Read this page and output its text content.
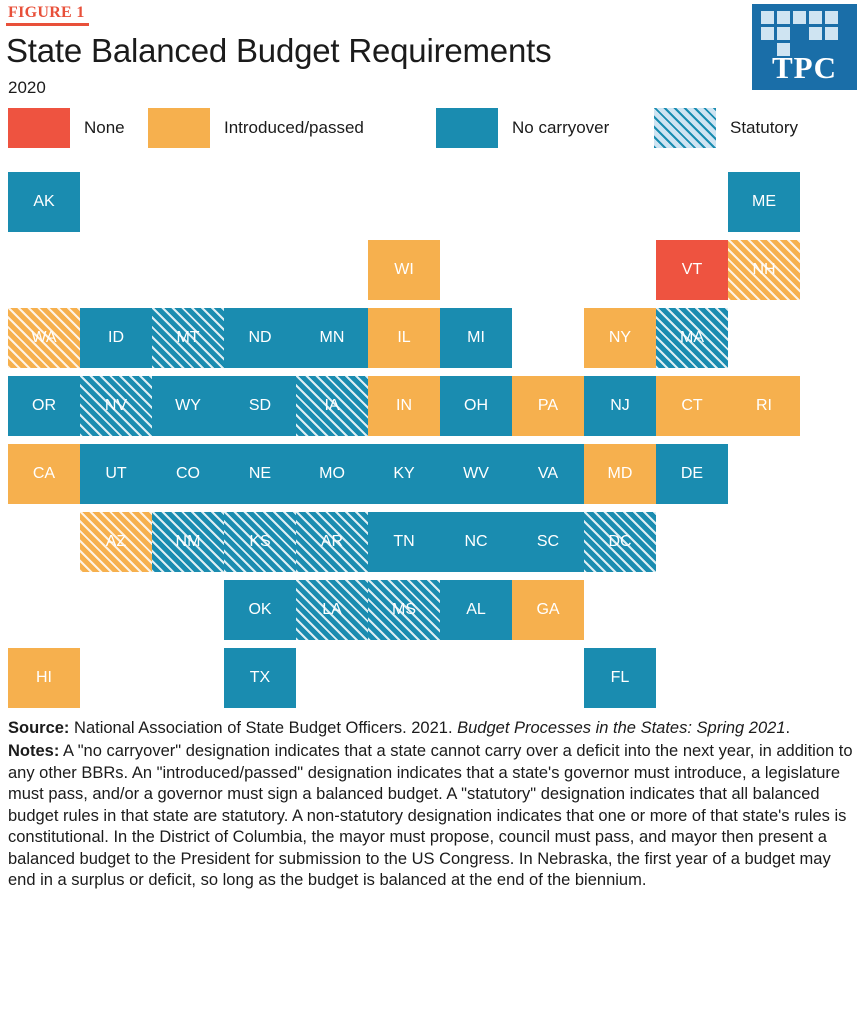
FIGURE 1
State Balanced Budget Requirements
2020
TPC
None	Introduced/passed	No carryover	Statutory
AK	ME
WI	VT	NH
WA	ID	MT	ND	MN	IL	MI	NY	MA
OR	NV	WY	SD	IA	IN	OH	PA	NJ	CT	RI
CA	UT	CO	NE	MO	KY	WV	VA	MD	DE
AZ	NM	KS	AR	TN	NC	SC	DC
OK	LA	MS	AL	GA
HI	TX	FL

Source: National Association of State Budget Officers. 2021. Budget Processes in the States: Spring 2021.

Notes: A "no carryover" designation indicates that a state cannot carry over a deficit into the next year, in addition to any other BBRs. An "introduced/passed" designation indicates that a state's governor must introduce, a legislature must pass, and/or a governor must sign a balanced budget. A "statutory" designation indicates that all balanced budget rules in that state are statutory. A non-statutory designation indicates that one or more of that state's rules is constitutional. In the District of Columbia, the mayor must propose, council must pass, and mayor then present a balanced budget to the President for submission to the US Congress. In Nebraska, the first year of a budget may end in a surplus or deficit, so long as the budget is balanced at the end of the biennium.
